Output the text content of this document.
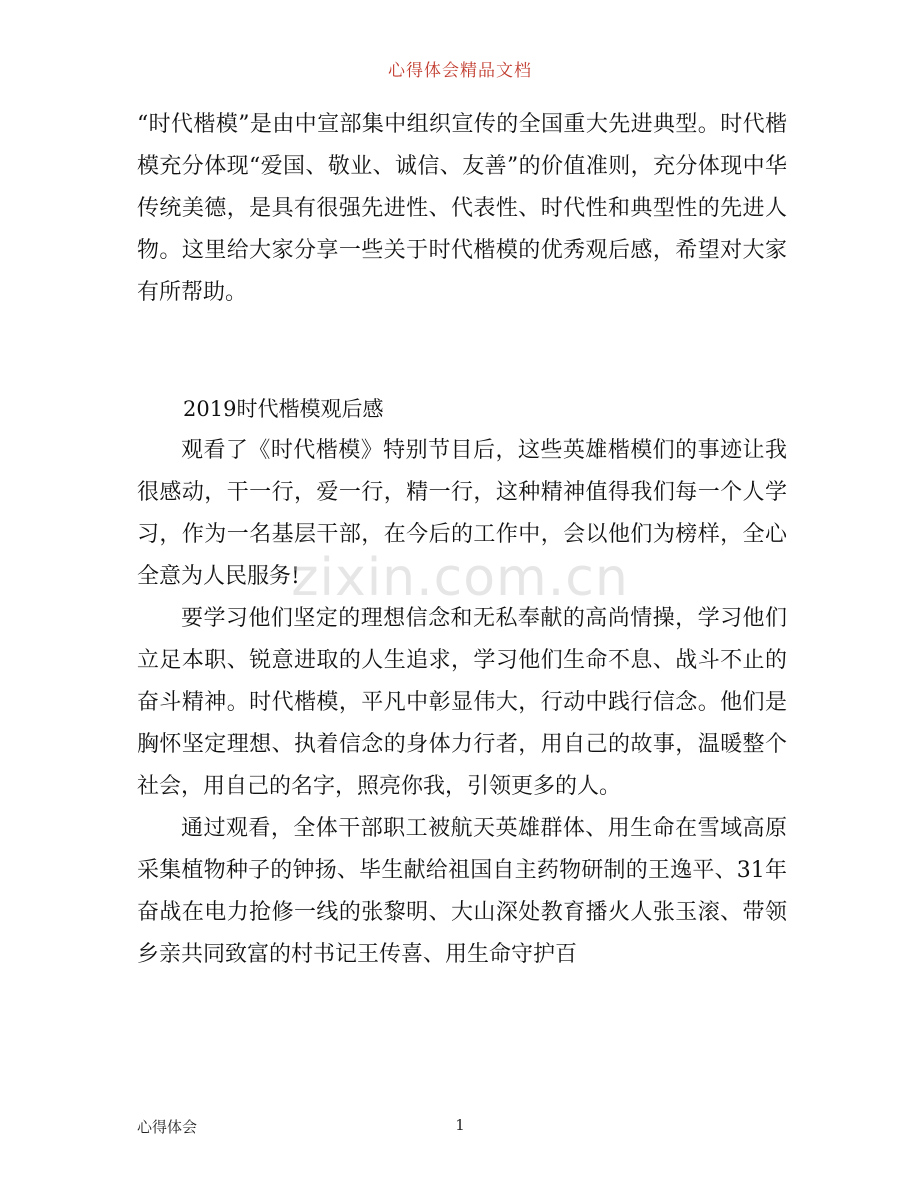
心得体会精品文档

“时代楷模”是由中宣部集中组织宣传的全国重大先进典型。时代楷模充分体现“爱国、敬业、诚信、友善”的价值准则，充分体现中华传统美德，是具有很强先进性、代表性、时代性和典型性的先进人物。这里给大家分享一些关于时代楷模的优秀观后感，希望对大家有所帮助。

2019时代楷模观后感

观看了《时代楷模》特别节目后，这些英雄楷模们的事迹让我很感动，干一行，爱一行，精一行，这种精神值得我们每一个人学习，作为一名基层干部，在今后的工作中，会以他们为榜样，全心全意为人民服务!

要学习他们坚定的理想信念和无私奉献的高尚情操，学习他们立足本职、锐意进取的人生追求，学习他们生命不息、战斗不止的奋斗精神。时代楷模，平凡中彰显伟大，行动中践行信念。他们是胸怀坚定理想、执着信念的身体力行者，用自己的故事，温暖整个社会，用自己的名字，照亮你我，引领更多的人。

通过观看，全体干部职工被航天英雄群体、用生命在雪域高原采集植物种子的钟扬、毕生献给祖国自主药物研制的王逸平、31年奋战在电力抢修一线的张黎明、大山深处教育播火人张玉滚、带领乡亲共同致富的村书记王传喜、用生命守护百

zixin.com.cn
心得体会	1
